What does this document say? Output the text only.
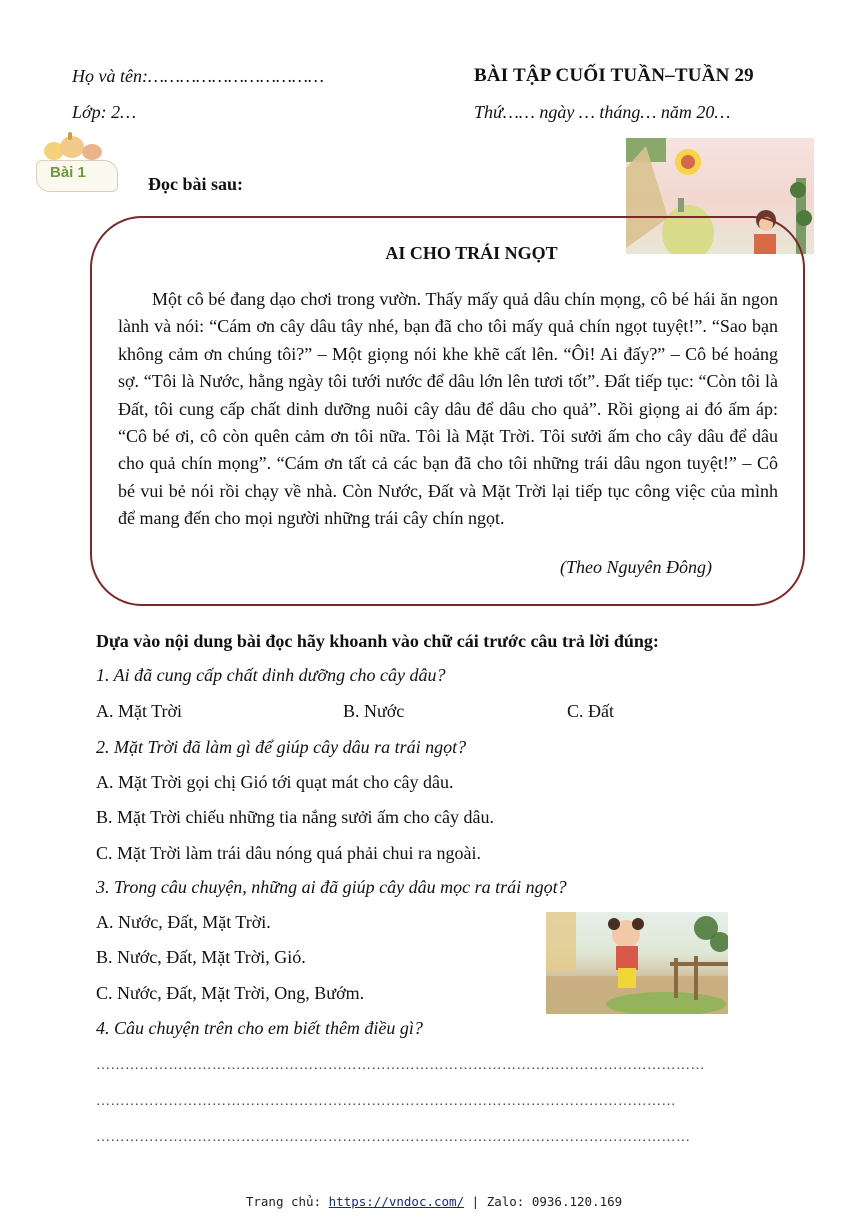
Họ và tên:……………………………
Lớp: 2…
BÀI TẬP CUỐI TUẦN–TUẦN 29
Thứ…… ngày … tháng… năm 20…
Bài 1
Đọc bài sau:
AI CHO TRÁI NGỌT
Một cô bé đang dạo chơi trong vườn. Thấy mấy quả dâu chín mọng, cô bé hái ăn ngon lành và nói: “Cám ơn cây dâu tây nhé, bạn đã cho tôi mấy quả chín ngọt tuyệt!”. “Sao bạn không cảm ơn chúng tôi?” – Một giọng nói khe khẽ cất lên. “Ôi! Ai đấy?” – Cô bé hoảng sợ. “Tôi là Nước, hằng ngày tôi tưới nước để dâu lớn lên tươi tốt”. Đất tiếp tục: “Còn tôi là Đất, tôi cung cấp chất dinh dưỡng nuôi cây dâu để dâu cho quả”. Rồi giọng ai đó ấm áp: “Cô bé ơi, cô còn quên cảm ơn tôi nữa. Tôi là Mặt Trời. Tôi sưởi ấm cho cây dâu để dâu cho quả chín mọng”. “Cám ơn tất cả các bạn đã cho tôi những trái dâu ngon tuyệt!” – Cô bé vui bẻ nói rồi chạy về nhà. Còn Nước, Đất và Mặt Trời lại tiếp tục công việc của mình để mang đến cho mọi người những trái cây chín ngọt.
(Theo Nguyên Đông)
Dựa vào nội dung bài đọc hãy khoanh vào chữ cái trước câu trả lời đúng:
1. Ai đã cung cấp chất dinh dưỡng cho cây dâu?
A. Mặt Trời	B. Nước	C. Đất
2. Mặt Trời đã làm gì để giúp cây dâu ra trái ngọt?
A. Mặt Trời gọi chị Gió tới quạt mát cho cây dâu.
B. Mặt Trời chiếu những tia nắng sưởi ấm cho cây dâu.
C. Mặt Trời làm trái dâu nóng quá phải chui ra ngoài.
3. Trong câu chuyện, những ai đã giúp cây dâu mọc ra trái ngọt?
A. Nước, Đất, Mặt Trời.
B. Nước, Đất, Mặt Trời, Gió.
C. Nước, Đất, Mặt Trời, Ong, Bướm.
4. Câu chuyện trên cho em biết thêm điều gì?
………………………………………………………………………………………………………………
…………………………………………………………………………………………………………
……………………………………………………………………………………………………………
Trang chủ: https://vndoc.com/ | Zalo: 0936.120.169
